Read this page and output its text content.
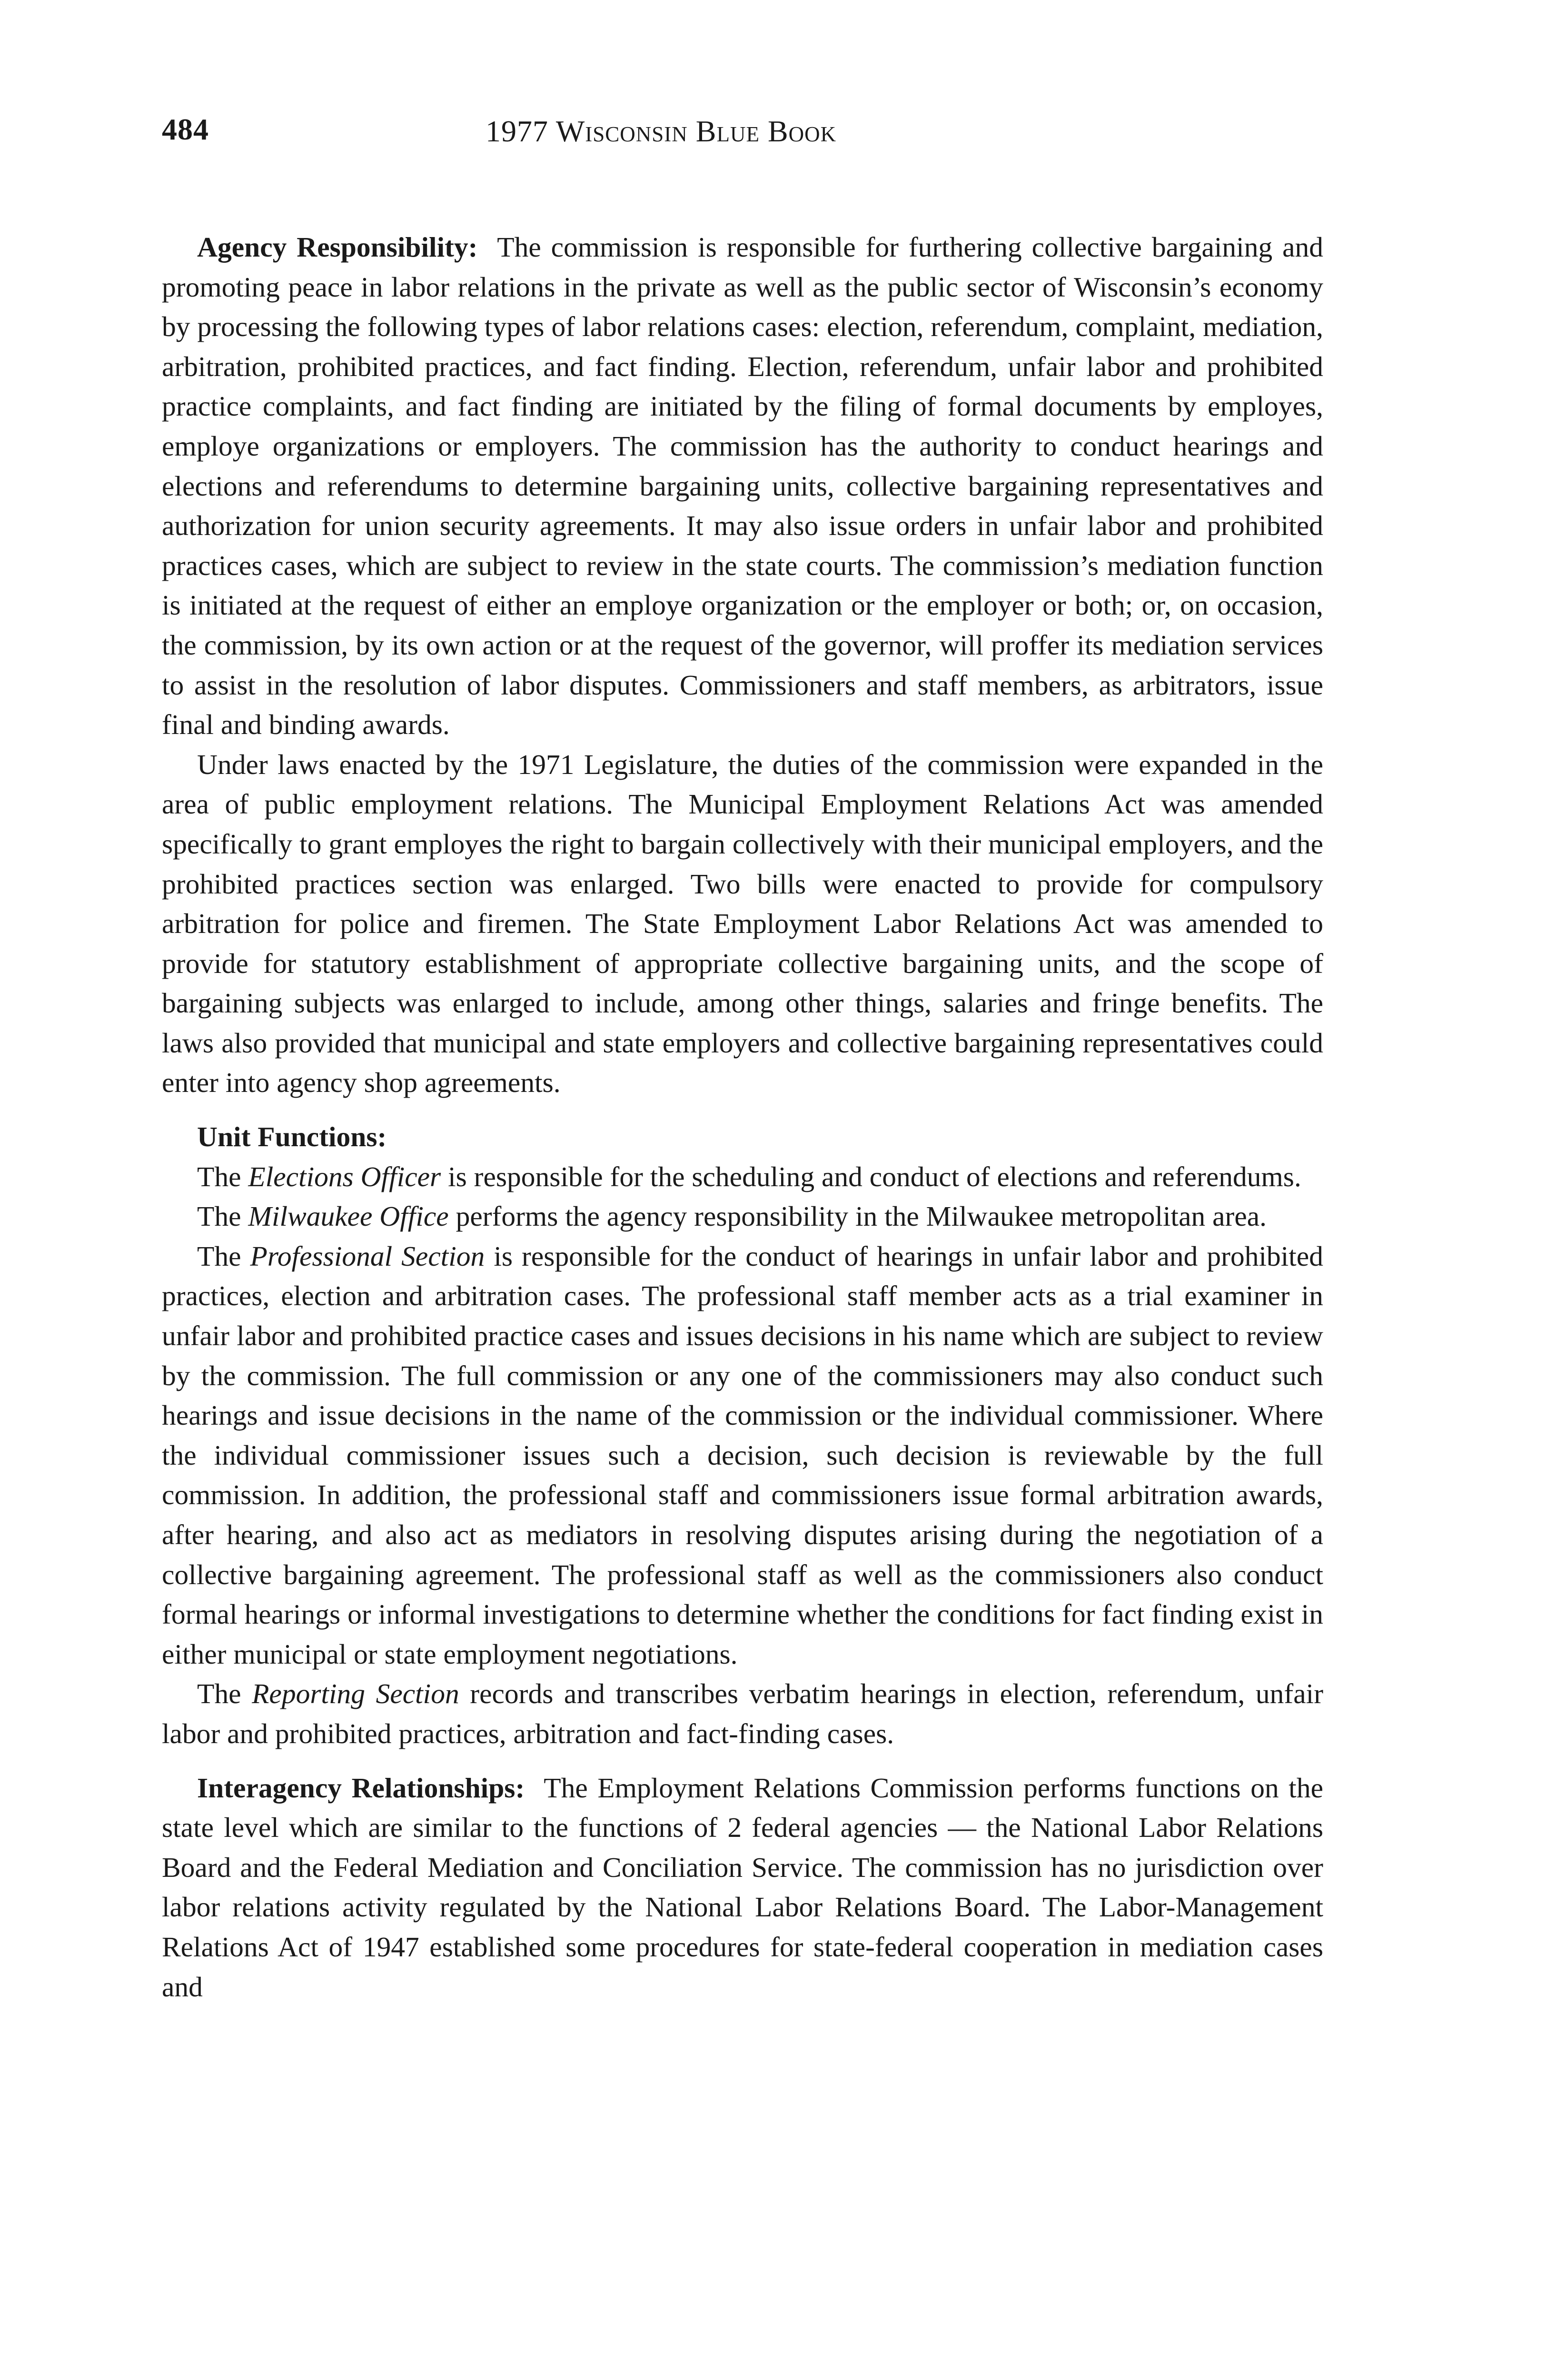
484	1977 Wisconsin Blue Book

Agency Responsibility: The commission is responsible for furthering collective bargaining and promoting peace in labor relations in the private as well as the public sector of Wisconsin’s economy by processing the following types of labor relations cases: election, referendum, complaint, mediation, arbitration, prohibited practices, and fact finding. Election, referendum, unfair labor and prohibited practice complaints, and fact finding are initiated by the filing of formal documents by employes, employe organizations or employers. The commission has the authority to conduct hearings and elections and referendums to determine bargaining units, collective bargaining representatives and authorization for union security agreements. It may also issue orders in unfair labor and prohibited practices cases, which are subject to review in the state courts. The commission’s mediation function is initiated at the request of either an employe organization or the employer or both; or, on occasion, the commission, by its own action or at the request of the governor, will proffer its mediation services to assist in the resolution of labor disputes. Commissioners and staff members, as arbitrators, issue final and binding awards.

Under laws enacted by the 1971 Legislature, the duties of the commission were expanded in the area of public employment relations. The Municipal Employment Relations Act was amended specifically to grant employes the right to bargain collectively with their municipal employers, and the prohibited practices section was enlarged. Two bills were enacted to provide for compulsory arbitration for police and firemen. The State Employment Labor Relations Act was amended to provide for statutory establishment of appropriate collective bargaining units, and the scope of bargaining subjects was enlarged to include, among other things, salaries and fringe benefits. The laws also provided that municipal and state employers and collective bargaining representatives could enter into agency shop agreements.

Unit Functions:

The Elections Officer is responsible for the scheduling and conduct of elections and referendums.

The Milwaukee Office performs the agency responsibility in the Milwaukee metropolitan area.

The Professional Section is responsible for the conduct of hearings in unfair labor and prohibited practices, election and arbitration cases. The professional staff member acts as a trial examiner in unfair labor and prohibited practice cases and issues decisions in his name which are subject to review by the commission. The full commission or any one of the commissioners may also conduct such hearings and issue decisions in the name of the commission or the individual commissioner. Where the individual commissioner issues such a decision, such decision is reviewable by the full commission. In addition, the professional staff and commissioners issue formal arbitration awards, after hearing, and also act as mediators in resolving disputes arising during the negotiation of a collective bargaining agreement. The professional staff as well as the commissioners also conduct formal hearings or informal investigations to determine whether the conditions for fact finding exist in either municipal or state employment negotiations.

The Reporting Section records and transcribes verbatim hearings in election, referendum, unfair labor and prohibited practices, arbitration and fact-finding cases.

Interagency Relationships: The Employment Relations Commission performs functions on the state level which are similar to the functions of 2 federal agencies — the National Labor Relations Board and the Federal Mediation and Conciliation Service. The commission has no jurisdiction over labor relations activity regulated by the National Labor Relations Board. The Labor-Management Relations Act of 1947 established some procedures for state-federal cooperation in mediation cases and
